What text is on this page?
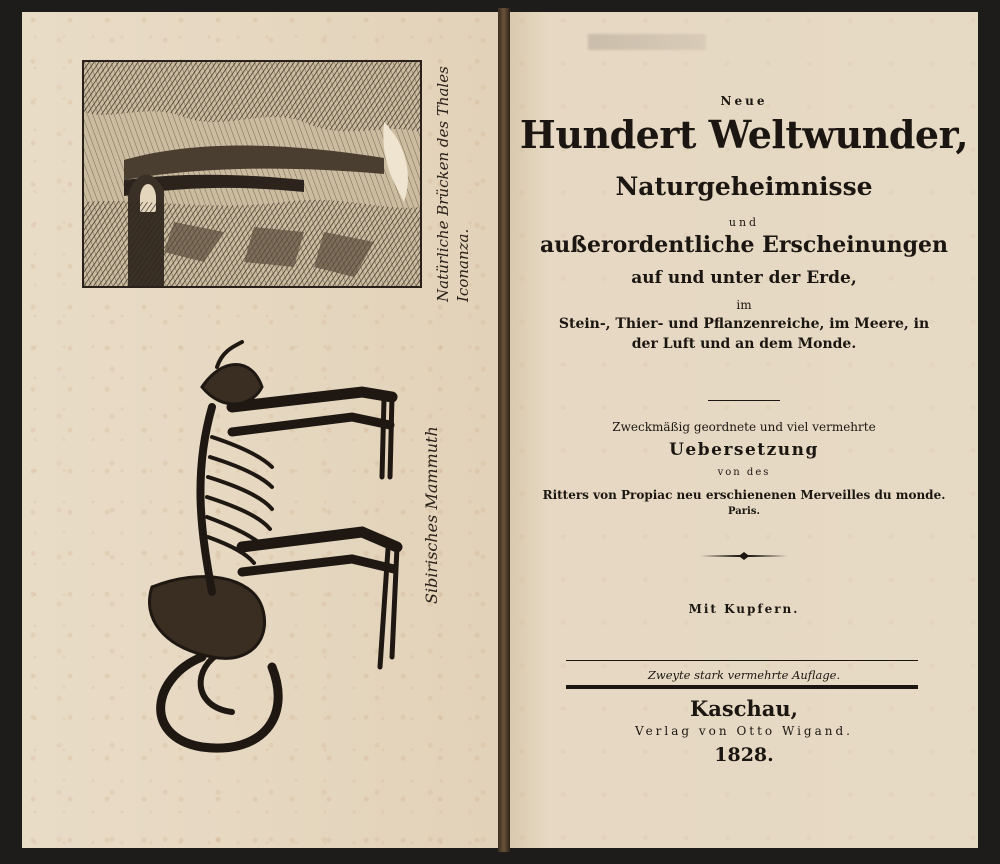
Natürliche Brücken des Thales Iconanza.
Sibirisches Mammuth
Neue
Hundert Weltwunder,
Naturgeheimnisse
und
außerordentliche Erscheinungen
auf und unter der Erde,
im
Stein-, Thier- und Pflanzenreiche, im Meere, in
der Luft und an dem Monde.
Zweckmäßig geordnete und viel vermehrte
Uebersetzung
von des
Ritters von Propiac neu erschienenen Merveilles du monde.
Paris.
Mit Kupfern.
Zweyte stark vermehrte Auflage.
Kaschau,
Verlag von Otto Wigand.
1828.
